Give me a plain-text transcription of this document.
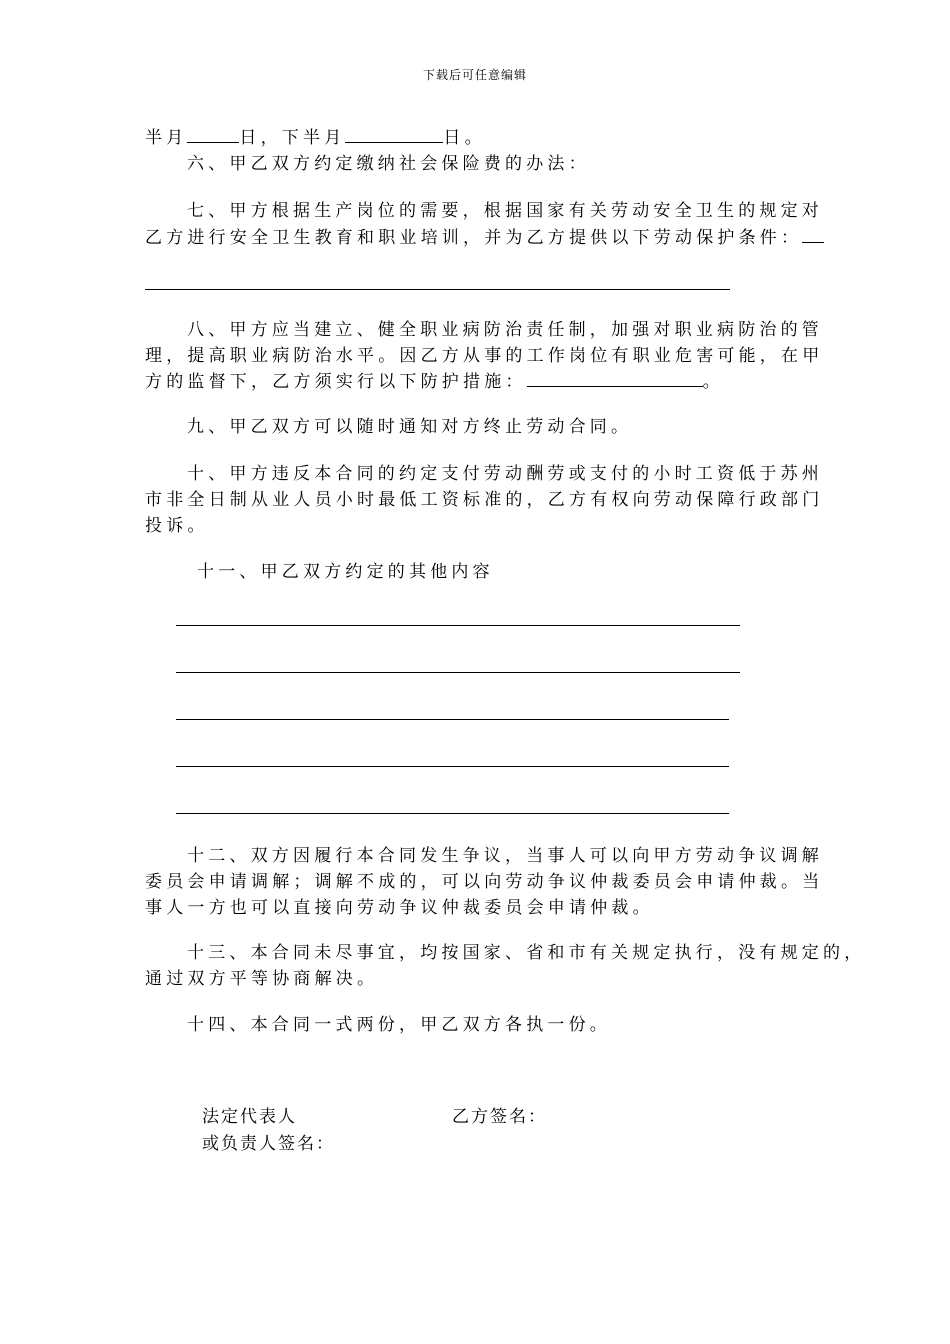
下载后可任意编辑
半月	日，下半月	日。
六、甲乙双方约定缴纳社会保险费的办法：
七、甲方根据生产岗位的需要，根据国家有关劳动安全卫生的规定对
乙方进行安全卫生教育和职业培训，并为乙方提供以下劳动保护条件：
八、甲方应当建立、健全职业病防治责任制，加强对职业病防治的管
理，提高职业病防治水平。因乙方从事的工作岗位有职业危害可能，在甲
方的监督下，乙方须实行以下防护措施：	。
九、甲乙双方可以随时通知对方终止劳动合同。
十、甲方违反本合同的约定支付劳动酬劳或支付的小时工资低于苏州
市非全日制从业人员小时最低工资标准的，乙方有权向劳动保障行政部门
投诉。
十一、甲乙双方约定的其他内容
十二、双方因履行本合同发生争议，当事人可以向甲方劳动争议调解
委员会申请调解；调解不成的，可以向劳动争议仲裁委员会申请仲裁。当
事人一方也可以直接向劳动争议仲裁委员会申请仲裁。
十三、本合同未尽事宜，均按国家、省和市有关规定执行，没有规定的，
通过双方平等协商解决。
十四、本合同一式两份，甲乙双方各执一份。
法定代表人
或负责人签名：
乙方签名：
